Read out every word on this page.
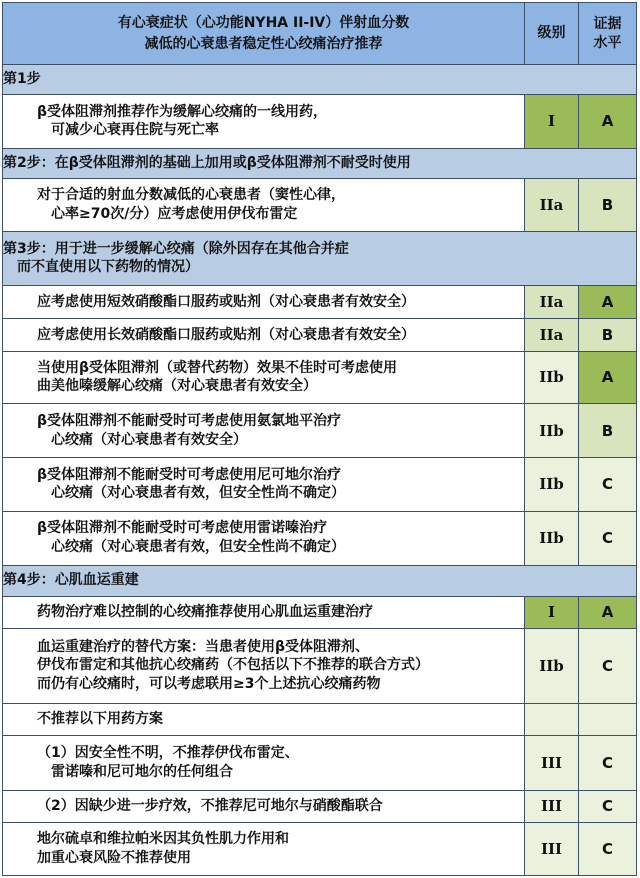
有心衰症状（心功能NYHA II-IV）伴射血分数
减低的心衰患者稳定性心绞痛治疗推荐	级别	证据
水平

第1步		

β受体阻滞剂推荐作为缓解心绞痛的一线用药，
可减少心衰再住院与死亡率	I	A
第2步：在β受体阻滞剂的基础上加用或β受体阻滞剂不耐受时使用		

对于合适的射血分数减低的心衰患者（窦性心律，
心率≥70次/分）应考虑使用伊伐布雷定	IIa	B

第3步：用于进一步缓解心绞痛（除外因存在其他合并症
而不直使用以下药物的情况）		

应考虑使用短效硝酸酯口服药或贴剂（对心衰患者有效安全）	IIa	A

应考虑使用长效硝酸酯口服药或贴剂（对心衰患者有效安全）	IIa	B

当使用β受体阻滞剂（或替代药物）效果不佳时可考虑使用
曲美他嗪缓解心绞痛（对心衰患者有效安全）	IIb	A

β受体阻滞剂不能耐受时可考虑使用氨氯地平治疗
心绞痛（对心衰患者有效安全）	IIb	B

β受体阻滞剂不能耐受时可考虑使用尼可地尔治疗
心绞痛（对心衰患者有效，但安全性尚不确定）	IIb	C

β受体阻滞剂不能耐受时可考虑使用雷诺嗪治疗
心绞痛（对心衰患者有效，但安全性尚不确定）	IIb	C
第4步：心肌血运重建		

药物治疗难以控制的心绞痛推荐使用心肌血运重建治疗	I	A

血运重建治疗的替代方案：当患者使用β受体阻滞剂、
伊伐布雷定和其他抗心绞痛药（不包括以下不推荐的联合方式）
而仍有心绞痛时，可以考虑联用≥3个上述抗心绞痛药物	IIb	C
不推荐以下用药方案		

（1）因安全性不明，不推荐伊伐布雷定、
雷诺嗪和尼可地尔的任何组合	III	C

（2）因缺少进一步疗效，不推荐尼可地尔与硝酸酯联合	III	C

地尔硫卓和维拉帕米因其负性肌力作用和
加重心衰风险不推荐使用	III	C
